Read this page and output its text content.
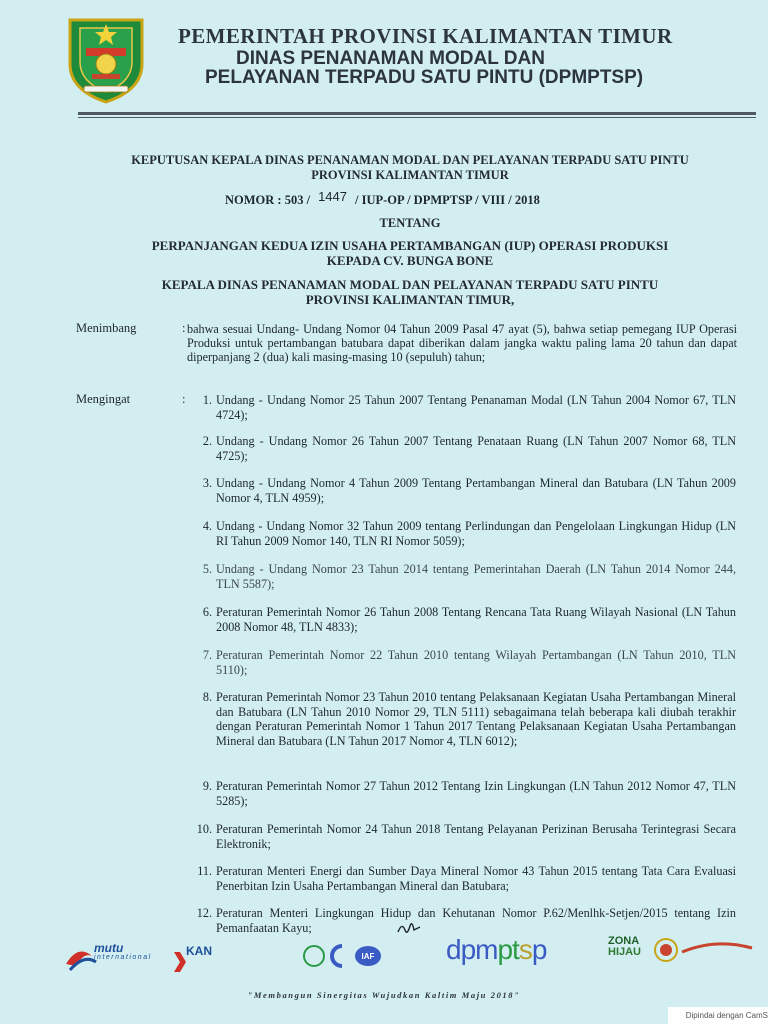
PEMERINTAH PROVINSI KALIMANTAN TIMUR
DINAS PENANAMAN MODAL DAN
PELAYANAN TERPADU SATU PINTU (DPMPTSP)
KEPUTUSAN KEPALA DINAS PENANAMAN MODAL DAN PELAYANAN TERPADU SATU PINTU
PROVINSI KALIMANTAN TIMUR
NOMOR : 503 / 1447 / IUP-OP / DPMPTSP / VIII / 2018
TENTANG
PERPANJANGAN KEDUA IZIN USAHA PERTAMBANGAN (IUP) OPERASI PRODUKSI
KEPADA CV. BUNGA BONE
KEPALA DINAS PENANAMAN MODAL DAN PELAYANAN TERPADU SATU PINTU
PROVINSI KALIMANTAN TIMUR,
Menimbang	: bahwa sesuai Undang- Undang Nomor 04 Tahun 2009 Pasal 47 ayat (5), bahwa setiap pemegang IUP Operasi Produksi untuk pertambangan batubara dapat diberikan dalam jangka waktu paling lama 20 tahun dan dapat diperpanjang 2 (dua) kali masing-masing 10 (sepuluh) tahun;
Mengingat	:	1. Undang - Undang Nomor 25 Tahun 2007 Tentang Penanaman Modal (LN Tahun 2004 Nomor 67, TLN 4724);
2. Undang - Undang Nomor 26 Tahun 2007 Tentang Penataan Ruang (LN Tahun 2007 Nomor 68, TLN 4725);
3. Undang - Undang Nomor 4 Tahun 2009 Tentang Pertambangan Mineral dan Batubara (LN Tahun 2009 Nomor 4, TLN 4959);
4. Undang - Undang Nomor 32 Tahun 2009 tentang Perlindungan dan Pengelolaan Lingkungan Hidup (LN RI Tahun 2009 Nomor 140, TLN RI Nomor 5059);
5. Undang - Undang Nomor 23 Tahun 2014 tentang Pemerintahan Daerah (LN Tahun 2014 Nomor 244, TLN 5587);
6. Peraturan Pemerintah Nomor 26 Tahun 2008 Tentang Rencana Tata Ruang Wilayah Nasional (LN Tahun 2008 Nomor 48, TLN 4833);
7. Peraturan Pemerintah Nomor 22 Tahun 2010 tentang Wilayah Pertambangan (LN Tahun 2010, TLN 5110);
8. Peraturan Pemerintah Nomor 23 Tahun 2010 tentang Pelaksanaan Kegiatan Usaha Pertambangan Mineral dan Batubara (LN Tahun 2010 Nomor 29, TLN 5111) sebagaimana telah beberapa kali diubah terakhir dengan Peraturan Pemerintah Nomor 1 Tahun 2017 Tentang Pelaksanaan Kegiatan Usaha Pertambangan Mineral dan Batubara (LN Tahun 2017 Nomor 4, TLN 6012);
9. Peraturan Pemerintah Nomor 27 Tahun 2012 Tentang Izin Lingkungan (LN Tahun 2012 Nomor 47, TLN 5285);
10. Peraturan Pemerintah Nomor 24 Tahun 2018 Tentang Pelayanan Perizinan Berusaha Terintegrasi Secara Elektronik;
11. Peraturan Menteri Energi dan Sumber Daya Mineral Nomor 43 Tahun 2015 tentang Tata Cara Evaluasi Penerbitan Izin Usaha Pertambangan Mineral dan Batubara;
12. Peraturan Menteri Lingkungan Hidup dan Kehutanan Nomor P.62/Menlhk-Setjen/2015 tentang Izin Pemanfaatan Kayu;
mutu
international	KAN	IAF	dpmptsp	ZONA
HIJAU
"Membangun Sinergitas Wujudkan Kaltim Maju 2018"
Dipindai dengan CamS
